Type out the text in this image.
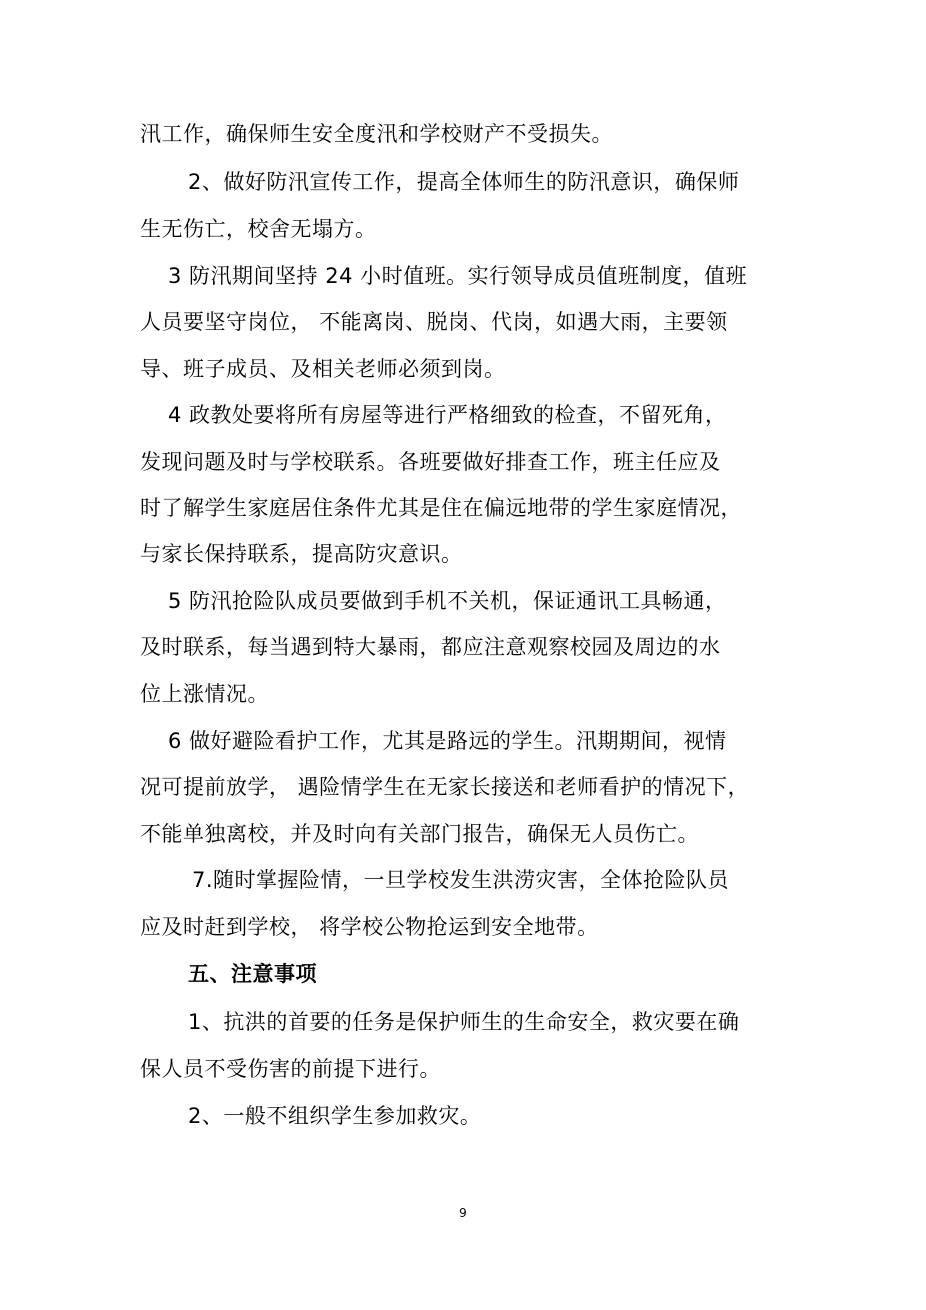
汛工作，确保师生安全度汛和学校财产不受损失。
2、做好防汛宣传工作，提高全体师生的防汛意识，确保师
生无伤亡，校舍无塌方。
3 防汛期间坚持 24 小时值班。实行领导成员值班制度，值班
人员要坚守岗位， 不能离岗、脱岗、代岗，如遇大雨，主要领
导、班子成员、及相关老师必须到岗。
4 政教处要将所有房屋等进行严格细致的检查，不留死角，
发现问题及时与学校联系。各班要做好排查工作，班主任应及
时了解学生家庭居住条件尤其是住在偏远地带的学生家庭情况，
与家长保持联系，提高防灾意识。
5 防汛抢险队成员要做到手机不关机，保证通讯工具畅通，
及时联系，每当遇到特大暴雨，都应注意观察校园及周边的水
位上涨情况。
6 做好避险看护工作，尤其是路远的学生。汛期期间，视情
况可提前放学， 遇险情学生在无家长接送和老师看护的情况下，
不能单独离校，并及时向有关部门报告，确保无人员伤亡。
7.随时掌握险情，一旦学校发生洪涝灾害，全体抢险队员
应及时赶到学校， 将学校公物抢运到安全地带。
五、注意事项
1、抗洪的首要的任务是保护师生的生命安全，救灾要在确
保人员不受伤害的前提下进行。
2、一般不组织学生参加救灾。
9
